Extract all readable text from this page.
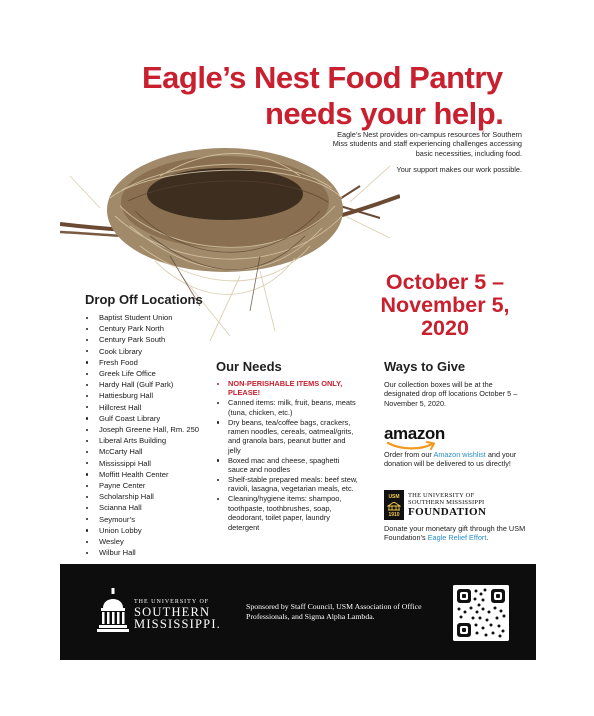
Eagle’s Nest Food Pantry
needs your help.

Eagle’s Nest provides on-campus resources for Southern Miss students and staff experiencing challenges accessing basic necessities, including food.

Your support makes our work possible.

October 5 –
November 5,
2020
Drop Off Locations
Baptist Student Union
Century Park North
Century Park South
Cook Library
Fresh Food
Greek Life Office
Hardy Hall (Gulf Park)
Hattiesburg Hall
Hillcrest Hall
Gulf Coast Library
Joseph Greene Hall, Rm. 250
Liberal Arts Building
McCarty Hall
Mississippi Hall
Moffitt Health Center
Payne Center
Scholarship Hall
Scianna Hall
Seymour’s
Union Lobby
Wesley
Wilbur Hall
Our Needs
NON-PERISHABLE ITEMS ONLY, PLEASE!
Canned items: milk, fruit, beans, meats (tuna, chicken, etc.)
Dry beans, tea/coffee bags, crackers, ramen noodles, cereals, oatmeal/grits, and granola bars, peanut butter and jelly
Boxed mac and cheese, spaghetti sauce and noodles
Shelf-stable prepared meals: beef stew, ravioli, lasagna, vegetarian meals, etc.
Cleaning/hygiene items: shampoo, toothpaste, toothbrushes, soap, deodorant, toilet paper, laundry detergent
Ways to Give

Our collection boxes will be at the designated drop off locations October 5 – November 5, 2020.

amazon

Order from our Amazon wishlist and your donation will be delivered to us directly!

USM
1910
THE UNIVERSITY OF
SOUTHERN MISSISSIPPI
FOUNDATION

Donate your monetary gift through the USM Foundation’s Eagle Relief Effort.

THE UNIVERSITY OF
SOUTHERN
MISSISSIPPI.

Sponsored by Staff Council, USM Association of Office Professionals, and Sigma Alpha Lambda.
